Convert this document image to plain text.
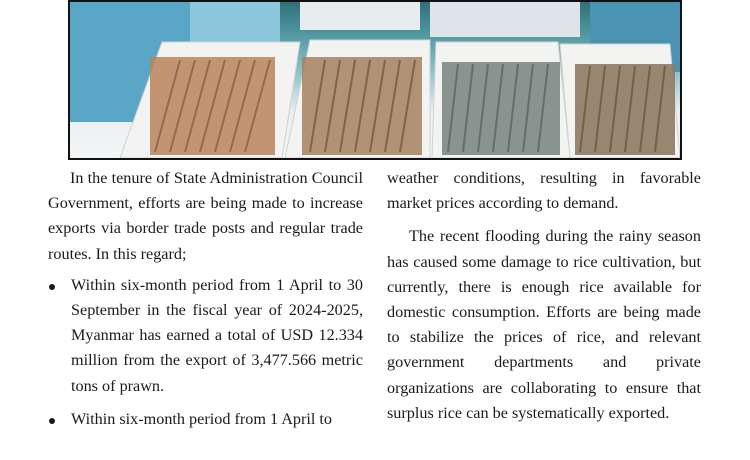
In the tenure of State Administration Council Government, efforts are being made to increase exports via border trade posts and regular trade routes. In this regard;

Within six-month period from 1 April to 30 September in the fiscal year of 2024-2025, Myanmar has earned a total of USD 12.334 million from the export of 3,477.566 metric tons of prawn.
Within six-month period from 1 April to

weather conditions, resulting in favorable market prices according to demand.

The recent flooding during the rainy season has caused some damage to rice cultivation, but currently, there is enough rice available for domestic consumption. Efforts are being made to stabilize the prices of rice, and relevant government departments and private organizations are collaborating to ensure that surplus rice can be systematically exported.
